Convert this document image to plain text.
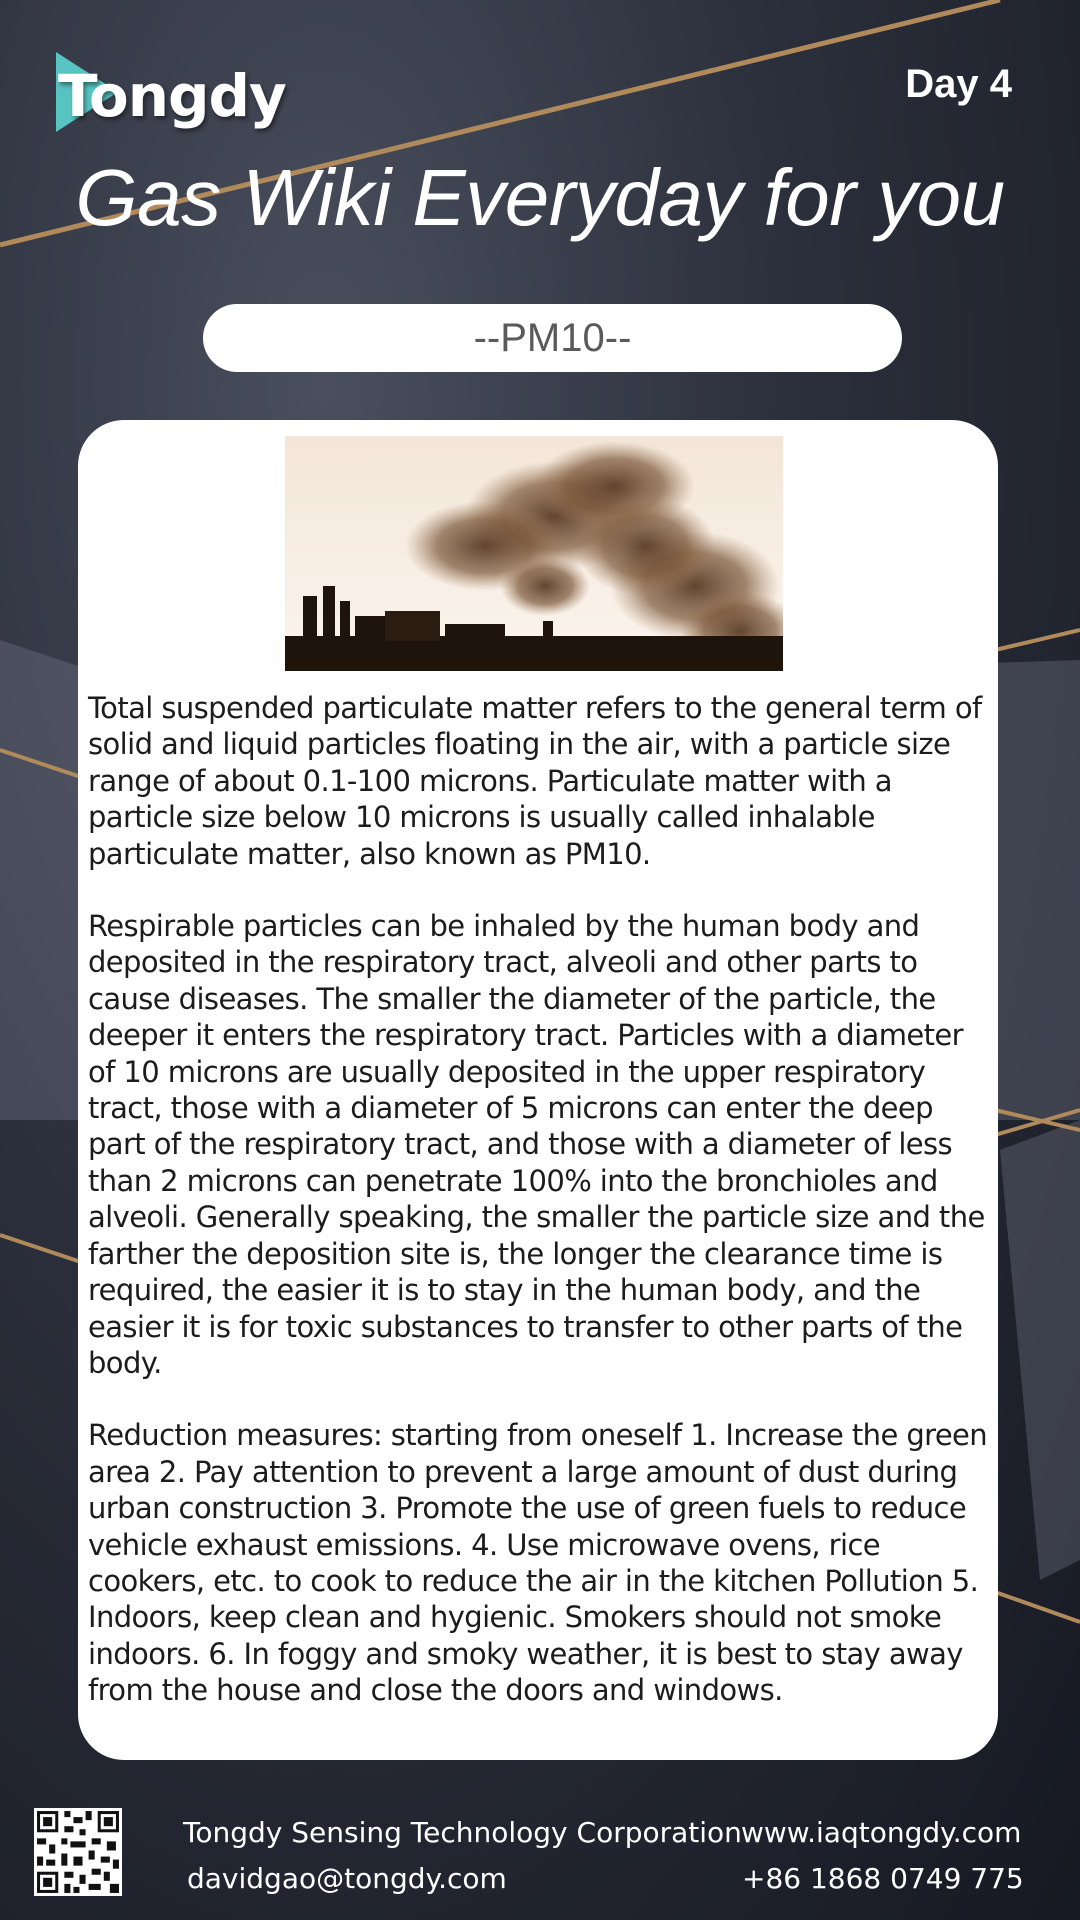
Tongdy	Day 4
Gas Wiki Everyday for you
--PM10--

Total suspended particulate matter refers to the general term of solid and liquid particles floating in the air, with a particle size range of about 0.1-100 microns. Particulate matter with a particle size below 10 microns is usually called inhalable particulate matter, also known as PM10.

Respirable particles can be inhaled by the human body and deposited in the respiratory tract, alveoli and other parts to cause diseases. The smaller the diameter of the particle, the deeper it enters the respiratory tract. Particles with a diameter of 10 microns are usually deposited in the upper respiratory tract, those with a diameter of 5 microns can enter the deep part of the respiratory tract, and those with a diameter of less than 2 microns can penetrate 100% into the bronchioles and alveoli. Generally speaking, the smaller the particle size and the farther the deposition site is, the longer the clearance time is required, the easier it is to stay in the human body, and the easier it is for toxic substances to transfer to other parts of the body.

Reduction measures: starting from oneself 1. Increase the green area 2. Pay attention to prevent a large amount of dust during urban construction 3. Promote the use of green fuels to reduce vehicle exhaust emissions. 4. Use microwave ovens, rice cookers, etc. to cook to reduce the air in the kitchen Pollution 5. Indoors, keep clean and hygienic. Smokers should not smoke indoors. 6. In foggy and smoky weather, it is best to stay away from the house and close the doors and windows.

Tongdy Sensing Technology Corporation www.iaqtongdy.com
davidgao@tongdy.com	+86 1868 0749 775
